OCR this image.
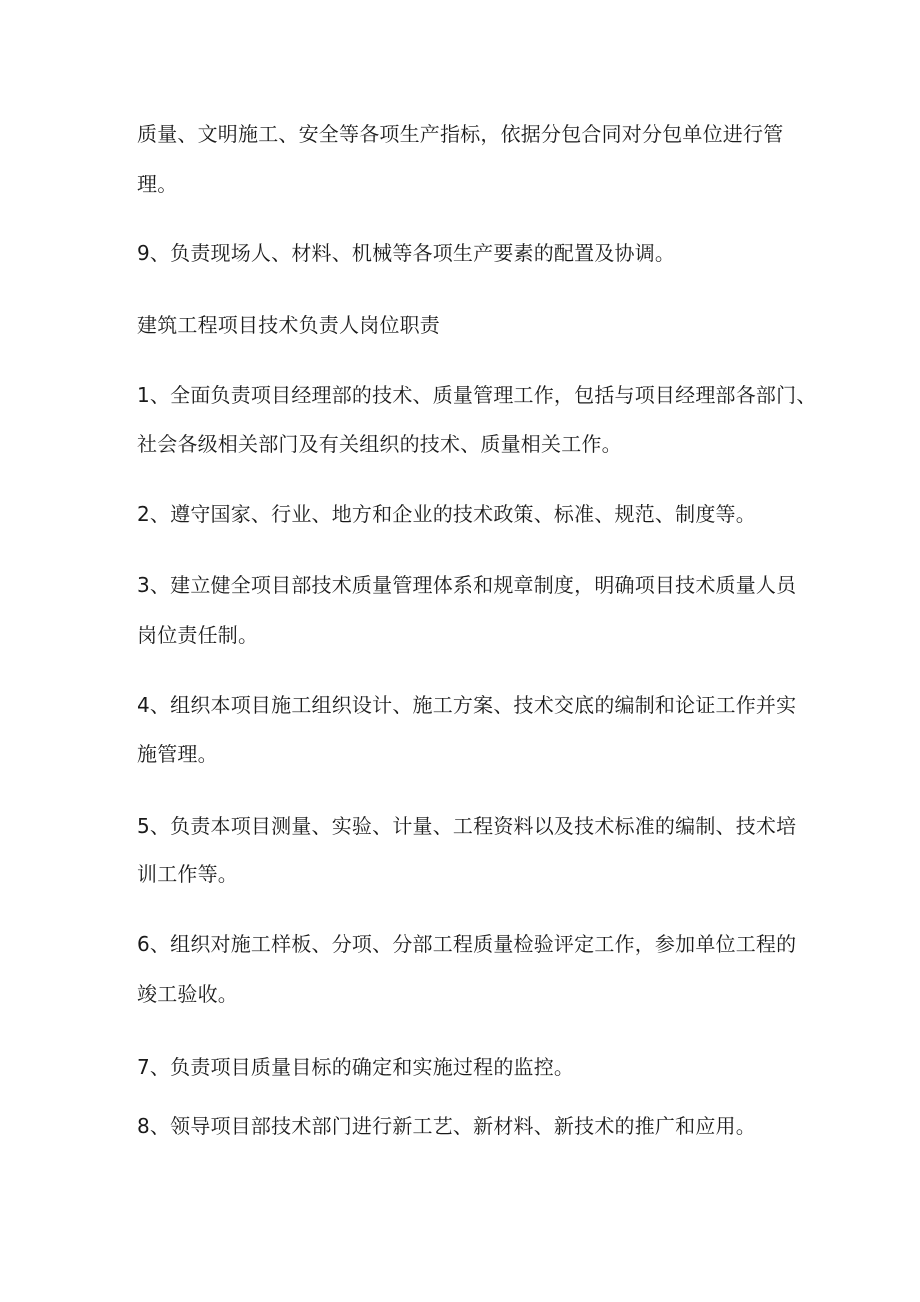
质量、文明施工、安全等各项生产指标，依据分包合同对分包单位进行管
理。
9、负责现场人、材料、机械等各项生产要素的配置及协调。
建筑工程项目技术负责人岗位职责
1、全面负责项目经理部的技术、质量管理工作，包括与项目经理部各部门、
社会各级相关部门及有关组织的技术、质量相关工作。
2、遵守国家、行业、地方和企业的技术政策、标准、规范、制度等。
3、建立健全项目部技术质量管理体系和规章制度，明确项目技术质量人员
岗位责任制。
4、组织本项目施工组织设计、施工方案、技术交底的编制和论证工作并实
施管理。
5、负责本项目测量、实验、计量、工程资料以及技术标准的编制、技术培
训工作等。
6、组织对施工样板、分项、分部工程质量检验评定工作，参加单位工程的
竣工验收。
7、负责项目质量目标的确定和实施过程的监控。
8、领导项目部技术部门进行新工艺、新材料、新技术的推广和应用。
